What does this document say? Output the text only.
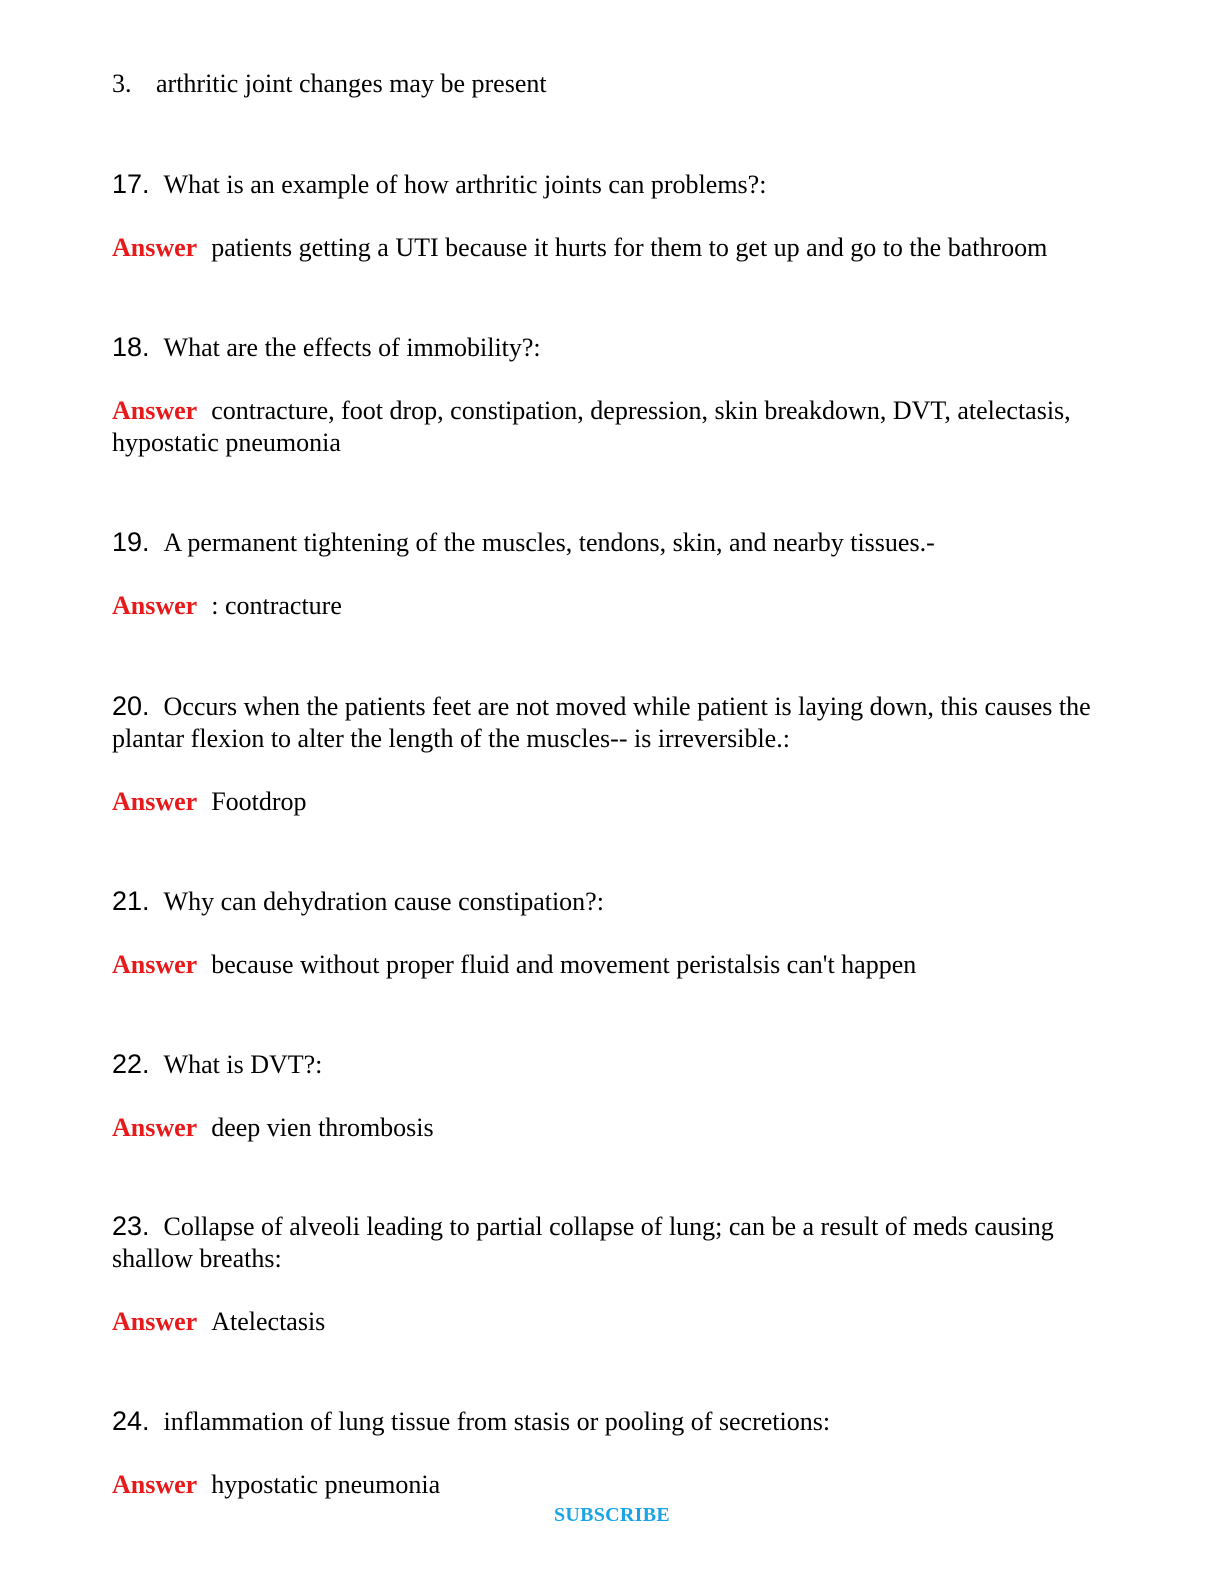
3. arthritic joint changes may be present

17. What is an example of how arthritic joints can problems?:

Answer patients getting a UTI because it hurts for them to get up and go to the bathroom

18. What are the effects of immobility?:

Answer contracture, foot drop, constipation, depression, skin breakdown, DVT, atelectasis, hypostatic pneumonia

19. A permanent tightening of the muscles, tendons, skin, and nearby tissues.-

Answer : contracture

20. Occurs when the patients feet are not moved while patient is laying down, this causes the plantar flexion to alter the length of the muscles-- is irreversible.:

Answer Footdrop

21. Why can dehydration cause constipation?:

Answer because without proper fluid and movement peristalsis can't happen

22. What is DVT?:

Answer deep vien thrombosis

23. Collapse of alveoli leading to partial collapse of lung; can be a result of meds causing shallow breaths:

Answer Atelectasis

24. inflammation of lung tissue from stasis or pooling of secretions:

Answer hypostatic pneumonia

SUBSCRIBE
